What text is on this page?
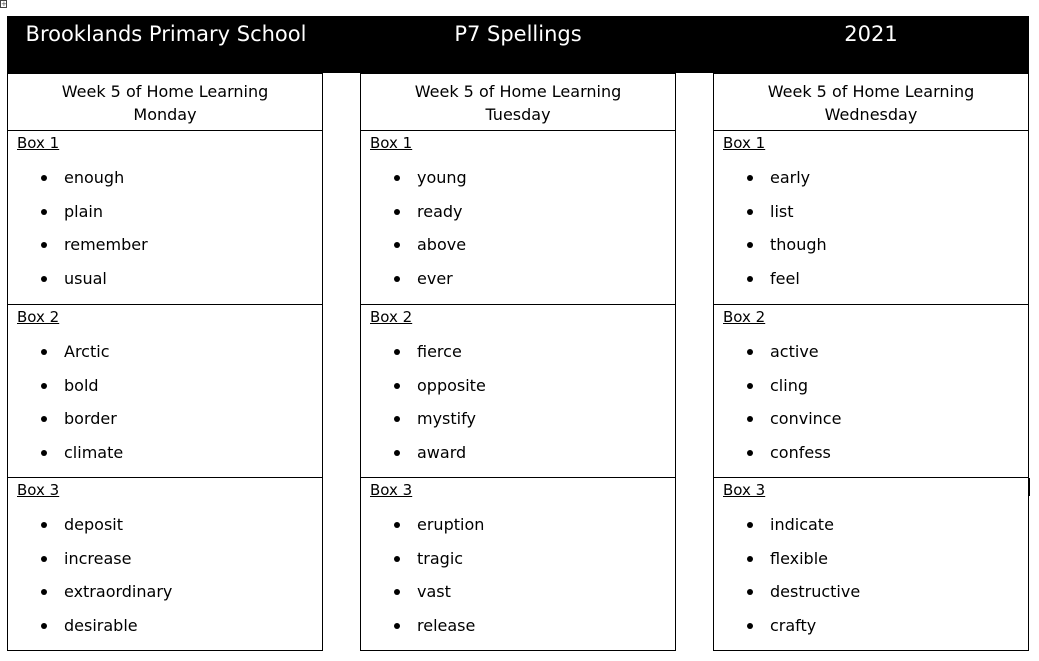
+
Brooklands Primary School	P7 Spellings	2021
Week 5 of Home Learning
Monday
Box 1
enough
plain
remember
usual
Box 2
Arctic
bold
border
climate
Box 3
deposit
increase
extraordinary
desirable
Week 5 of Home Learning
Tuesday
Box 1
young
ready
above
ever
Box 2
fierce
opposite
mystify
award
Box 3
eruption
tragic
vast
release
Week 5 of Home Learning
Wednesday
Box 1
early
list
though
feel
Box 2
active
cling
convince
confess
Box 3
indicate
flexible
destructive
crafty
